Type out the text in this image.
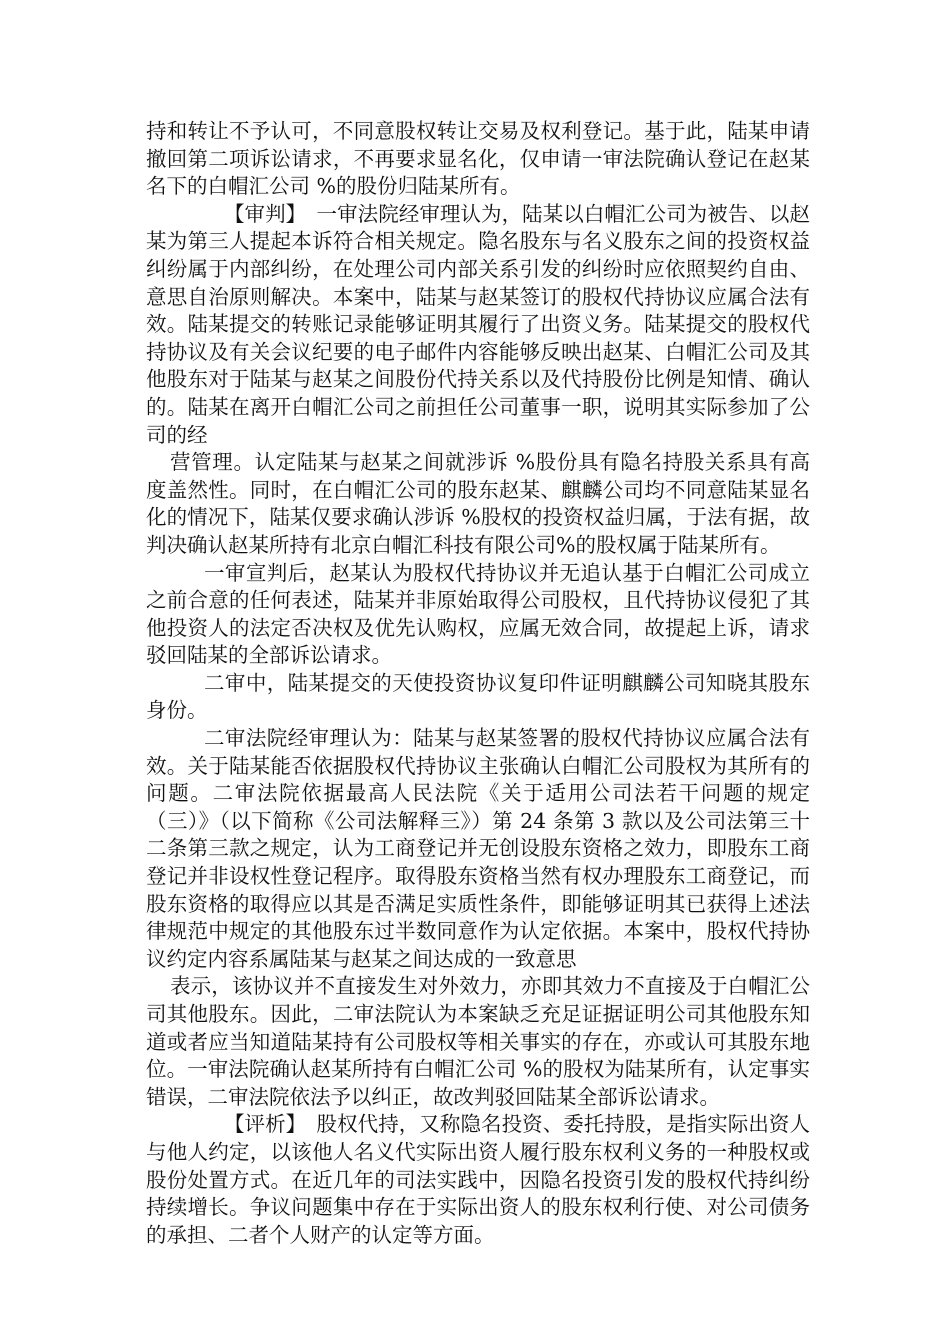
持和转让不予认可，不同意股权转让交易及权利登记。基于此，陆某申请撤回第二项诉讼请求，不再要求显名化，仅申请一审法院确认登记在赵某名下的白帽汇公司 %的股份归陆某所有。

【审判】　一审法院经审理认为，陆某以白帽汇公司为被告、以赵某为第三人提起本诉符合相关规定。隐名股东与名义股东之间的投资权益纠纷属于内部纠纷，在处理公司内部关系引发的纠纷时应依照契约自由、意思自治原则解决。本案中，陆某与赵某签订的股权代持协议应属合法有效。陆某提交的转账记录能够证明其履行了出资义务。陆某提交的股权代持协议及有关会议纪要的电子邮件内容能够反映出赵某、白帽汇公司及其他股东对于陆某与赵某之间股份代持关系以及代持股份比例是知情、确认的。陆某在离开白帽汇公司之前担任公司董事一职，说明其实际参加了公司的经

营管理。认定陆某与赵某之间就涉诉 %股份具有隐名持股关系具有高度盖然性。同时，在白帽汇公司的股东赵某、麒麟公司均不同意陆某显名化的情况下，陆某仅要求确认涉诉 %股权的投资权益归属，于法有据，故判决确认赵某所持有北京白帽汇科技有限公司%的股权属于陆某所有。

一审宣判后，赵某认为股权代持协议并无追认基于白帽汇公司成立之前合意的任何表述，陆某并非原始取得公司股权，且代持协议侵犯了其他投资人的法定否决权及优先认购权，应属无效合同，故提起上诉，请求驳回陆某的全部诉讼请求。

二审中，陆某提交的天使投资协议复印件证明麒麟公司知晓其股东身份。

二审法院经审理认为：陆某与赵某签署的股权代持协议应属合法有效。关于陆某能否依据股权代持协议主张确认白帽汇公司股权为其所有的问题。二审法院依据最高人民法院《关于适用公司法若干问题的规定（三）》（以下简称《公司法解释三》）第 24 条第 3 款以及公司法第三十二条第三款之规定，认为工商登记并无创设股东资格之效力，即股东工商登记并非设权性登记程序。取得股东资格当然有权办理股东工商登记，而股东资格的取得应以其是否满足实质性条件，即能够证明其已获得上述法律规范中规定的其他股东过半数同意作为认定依据。本案中，股权代持协议约定内容系属陆某与赵某之间达成的一致意思

表示，该协议并不直接发生对外效力，亦即其效力不直接及于白帽汇公司其他股东。因此，二审法院认为本案缺乏充足证据证明公司其他股东知道或者应当知道陆某持有公司股权等相关事实的存在，亦或认可其股东地位。一审法院确认赵某所持有白帽汇公司 %的股权为陆某所有，认定事实错误，二审法院依法予以纠正，故改判驳回陆某全部诉讼请求。

【评析】　股权代持，又称隐名投资、委托持股，是指实际出资人与他人约定，以该他人名义代实际出资人履行股东权利义务的一种股权或股份处置方式。在近几年的司法实践中，因隐名投资引发的股权代持纠纷持续增长。争议问题集中存在于实际出资人的股东权利行使、对公司债务的承担、二者个人财产的认定等方面。
